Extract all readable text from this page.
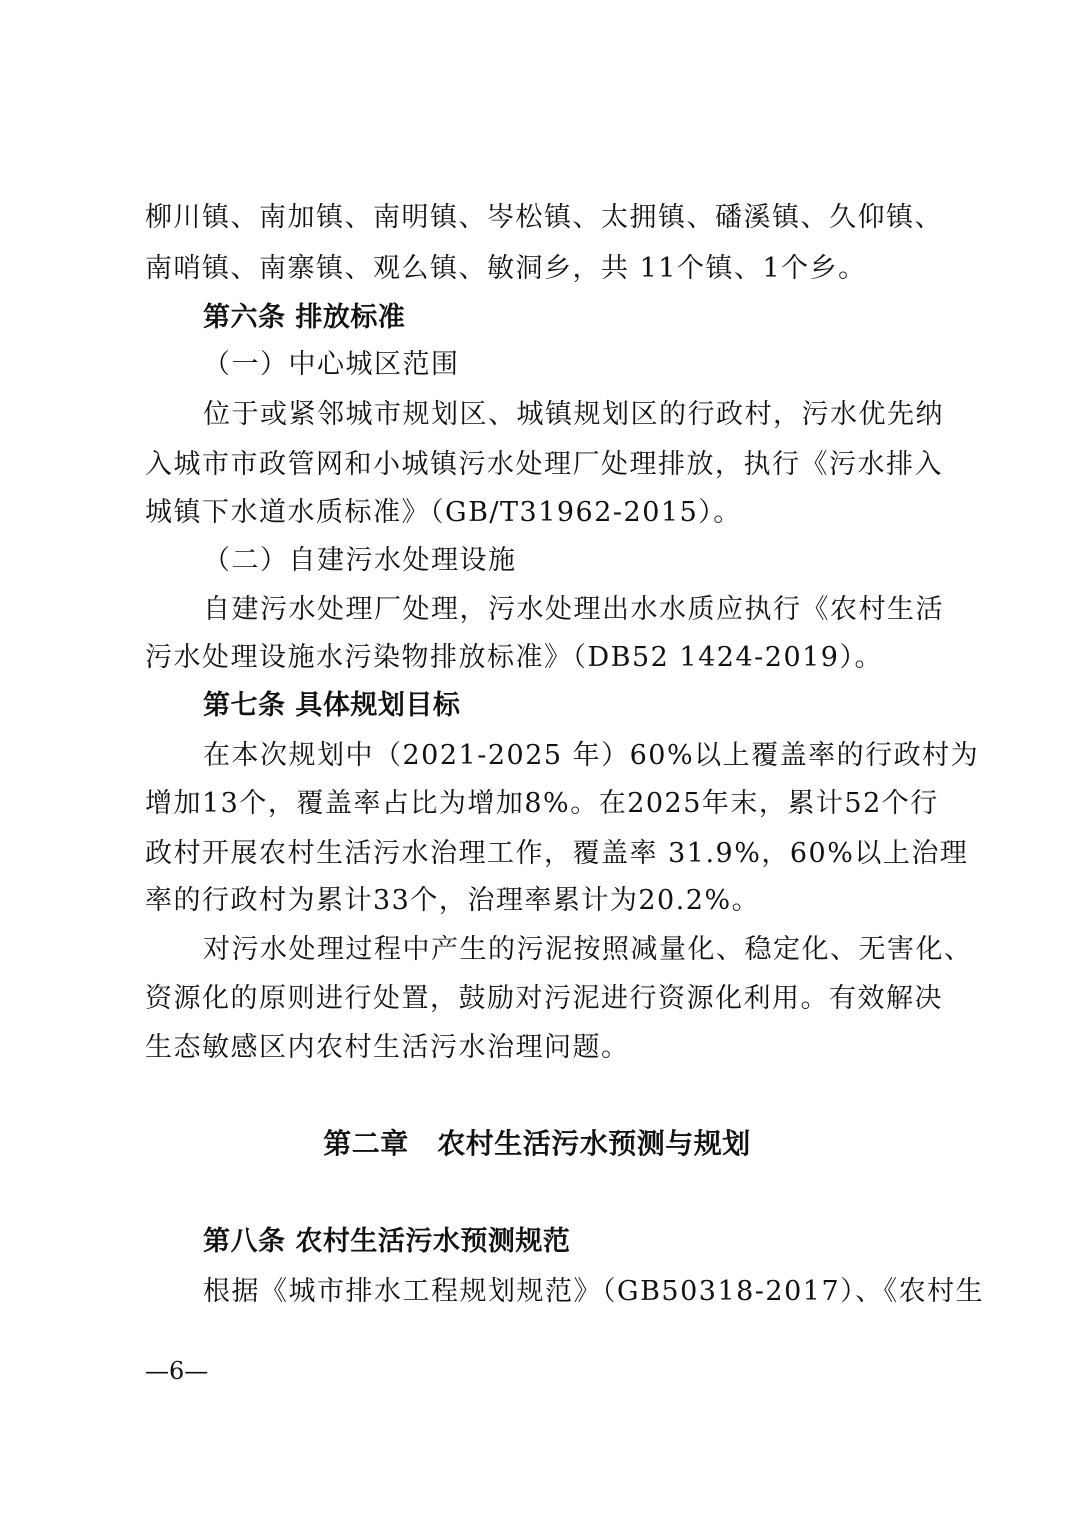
柳川镇、南加镇、南明镇、岑松镇、太拥镇、磻溪镇、久仰镇、
南哨镇、南寨镇、观么镇、敏洞乡，共 11个镇、1个乡。
第六条 排放标准
（一）中心城区范围
位于或紧邻城市规划区、城镇规划区的行政村，污水优先纳
入城市市政管网和小城镇污水处理厂处理排放，执行《污水排入
城镇下水道水质标准》（GB/T31962-2015）。
（二）自建污水处理设施
自建污水处理厂处理，污水处理出水水质应执行《农村生活
污水处理设施水污染物排放标准》（DB52 1424-2019）。
第七条 具体规划目标
在本次规划中（2021-2025 年）60%以上覆盖率的行政村为
增加13个，覆盖率占比为增加8%。在2025年末，累计52个行
政村开展农村生活污水治理工作，覆盖率 31.9%，60%以上治理
率的行政村为累计33个，治理率累计为20.2%。
对污水处理过程中产生的污泥按照减量化、稳定化、无害化、
资源化的原则进行处置，鼓励对污泥进行资源化利用。有效解决
生态敏感区内农村生活污水治理问题。
第二章　农村生活污水预测与规划
第八条 农村生活污水预测规范
根据《城市排水工程规划规范》（GB50318-2017）、《农村生
—6—
